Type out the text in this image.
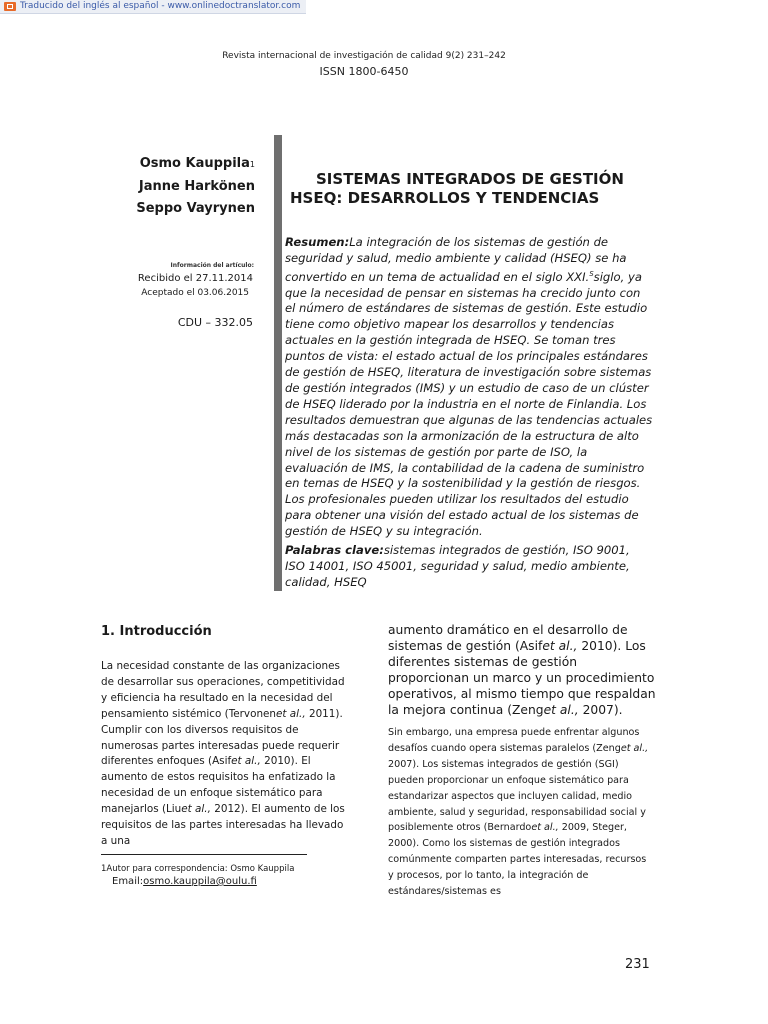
Traducido del inglés al español - www.onlinedoctranslator.com
Revista internacional de investigación de calidad 9(2) 231–242
ISSN 1800-6450
Osmo Kauppila1
Janne Harkönen
Seppo Vayrynen
Información del artículo:
Recibido el 27.11.2014
Aceptado el 03.06.2015
CDU – 332.05
SISTEMAS INTEGRADOS DE GESTIÓN
HSEQ: DESARROLLOS Y TENDENCIAS
Resumen:La integración de los sistemas de gestión de seguridad y salud, medio ambiente y calidad (HSEQ) se ha convertido en un tema de actualidad en el siglo XXI.$^S$siglo, ya que la necesidad de pensar en sistemas ha crecido junto con el número de estándares de sistemas de gestión. Este estudio tiene como objetivo mapear los desarrollos y tendencias actuales en la gestión integrada de HSEQ. Se toman tres puntos de vista: el estado actual de los principales estándares de gestión de HSEQ, literatura de investigación sobre sistemas de gestión integrados (IMS) y un estudio de caso de un clúster de HSEQ liderado por la industria en el norte de Finlandia. Los resultados demuestran que algunas de las tendencias actuales más destacadas son la armonización de la estructura de alto nivel de los sistemas de gestión por parte de ISO, la evaluación de IMS, la contabilidad de la cadena de suministro en temas de HSEQ y la sostenibilidad y la gestión de riesgos. Los profesionales pueden utilizar los resultados del estudio para obtener una visión del estado actual de los sistemas de gestión de HSEQ y su integración.
Palabras clave:sistemas integrados de gestión, ISO 9001, ISO 14001, ISO 45001, seguridad y salud, medio ambiente, calidad, HSEQ
1. Introducción
La necesidad constante de las organizaciones de desarrollar sus operaciones, competitividad y eficiencia ha resultado en la necesidad del pensamiento sistémico (Tervonenet al., 2011). Cumplir con los diversos requisitos de numerosas partes interesadas puede requerir diferentes enfoques (Asifet al., 2010). El aumento de estos requisitos ha enfatizado la necesidad de un enfoque sistemático para manejarlos (Liuet al., 2012). El aumento de los requisitos de las partes interesadas ha llevado a una
1Autor para correspondencia: Osmo Kauppila
Email:osmo.kauppila@oulu.fi
aumento dramático en el desarrollo de sistemas de gestión (Asifet al., 2010). Los diferentes sistemas de gestión proporcionan un marco y un procedimiento operativos, al mismo tiempo que respaldan la mejora continua (Zenget al., 2007).
Sin embargo, una empresa puede enfrentar algunos desafíos cuando opera sistemas paralelos (Zenget al., 2007). Los sistemas integrados de gestión (SGI) pueden proporcionar un enfoque sistemático para estandarizar aspectos que incluyen calidad, medio ambiente, salud y seguridad, responsabilidad social y posiblemente otros (Bernardoet al., 2009, Steger, 2000). Como los sistemas de gestión integrados comúnmente comparten partes interesadas, recursos y procesos, por lo tanto, la integración de estándares/sistemas es
231
